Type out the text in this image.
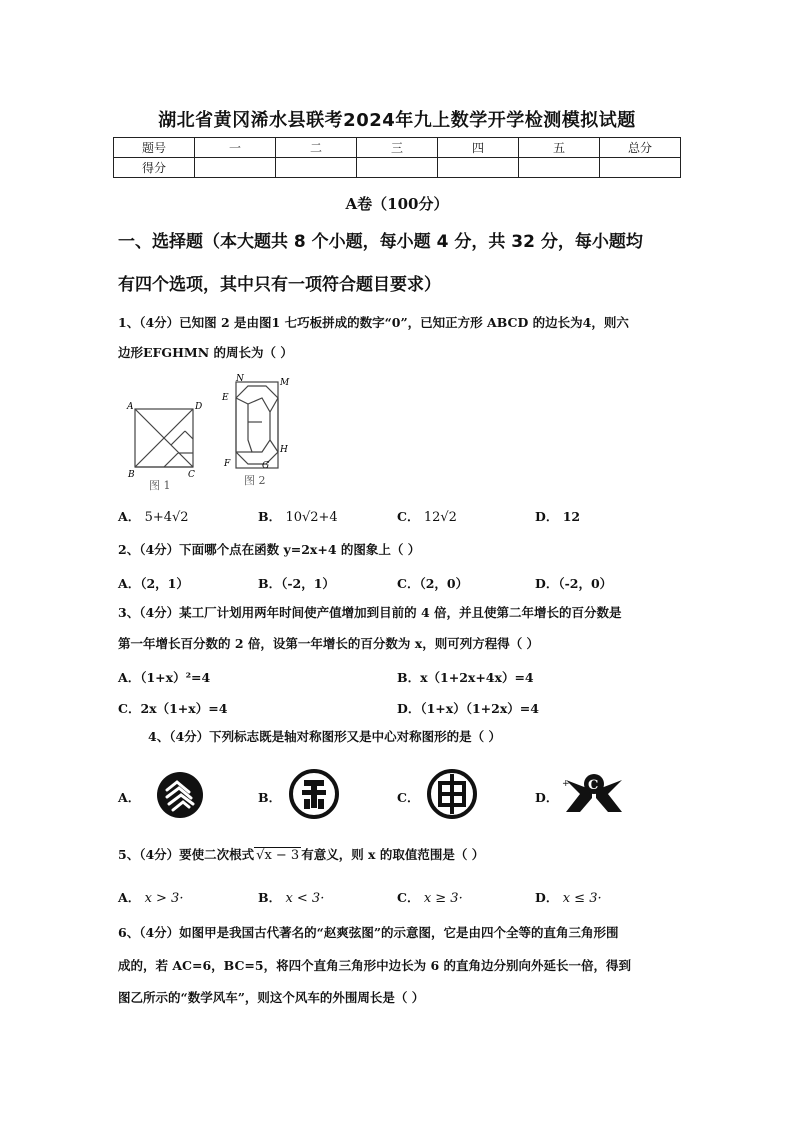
湖北省黄冈浠水县联考2024年九上数学开学检测模拟试题
题号	一	二	三	四	五	总分
得分						
A卷（100分）
一、选择题（本大题共 8 个小题，每小题 4 分，共 32 分，每小题均
有四个选项，其中只有一项符合题目要求）
1、（4分）已知图 2 是由图1 七巧板拼成的数字“0”，已知正方形 ABCD 的边长为4，则六
边形EFGHMN 的周长为（ ）
A	D
B	C
图 1
N	M
E
F	G
H
图 2
A． 5+4√2	B． 10√2+4	C． 12√2	D． 12
2、（4分）下面哪个点在函数 y=2x+4 的图象上（ ）
A．（2，1）	B．（-2，1）	C．（2，0）	D．（-2，0）
3、（4分）某工厂计划用两年时间使产值增加到目前的 4 倍，并且使第二年增长的百分数是
第一年增长百分数的 2 倍，设第一年增长的百分数为 x，则可列方程得（ ）
A．（1+x）²=4	B．x（1+2x+4x）=4
C．2x（1+x）=4	D．（1+x）（1+2x）=4
4、（4分）下列标志既是轴对称图形又是中心对称图形的是（ ）
A．	B．	C．	D．
C
+
5、（4分）要使二次根式 √x − 3 有意义，则 x 的取值范围是（ ）
A． x > 3·	B． x < 3·	C． x ≥ 3·	D． x ≤ 3·
6、（4分）如图甲是我国古代著名的“赵爽弦图”的示意图，它是由四个全等的直角三角形围
成的，若 AC=6，BC=5，将四个直角三角形中边长为 6 的直角边分别向外延长一倍，得到
图乙所示的“数学风车”，则这个风车的外围周长是（ ）
